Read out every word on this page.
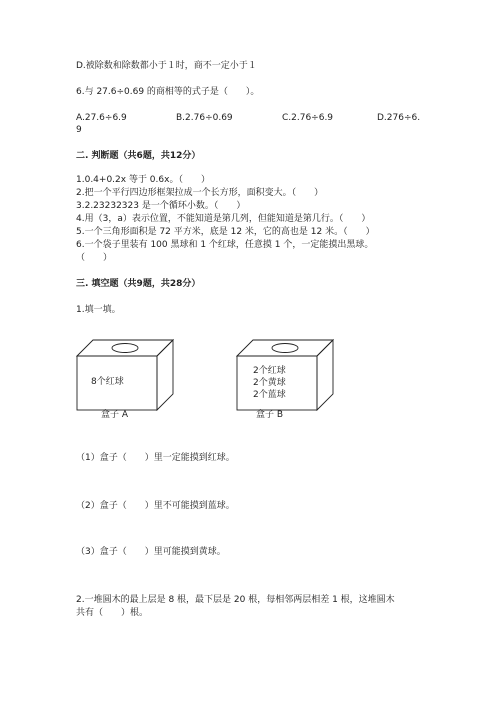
D.被除数和除数都小于１时，商不一定小于１
6.与 27.6÷0.69 的商相等的式子是（　　）。
A.27.6÷6.9	B.2.76÷0.69	C.2.76÷6.9	D.276÷6.
9
二. 判断题（共6题，共12分）
1.0.4+0.2x 等于 0.6x。（　　）
2.把一个平行四边形框架拉成一个长方形，面积变大。（　　）
3.2.23232323 是一个循环小数。（　　）
4.用（3，a）表示位置，不能知道是第几列，但能知道是第几行。（　　）
5.一个三角形面积是 72 平方米，底是 12 米，它的高也是 12 米。（　　）
6.一个袋子里装有 100 黑球和 1 个红球，任意摸 1 个，一定能摸出黑球。
（　　）
三. 填空题（共9题，共28分）
1.填一填。
8个红球
盒子 A
2个红球
2个黄球
2个蓝球
盒子 B
（1）盒子（　　）里一定能摸到红球。
（2）盒子（　　）里不可能摸到蓝球。
（3）盒子（　　）里可能摸到黄球。
2.一堆圆木的最上层是 8 根，最下层是 20 根，每相邻两层相差 1 根，这堆圆木
共有（　　）根。
